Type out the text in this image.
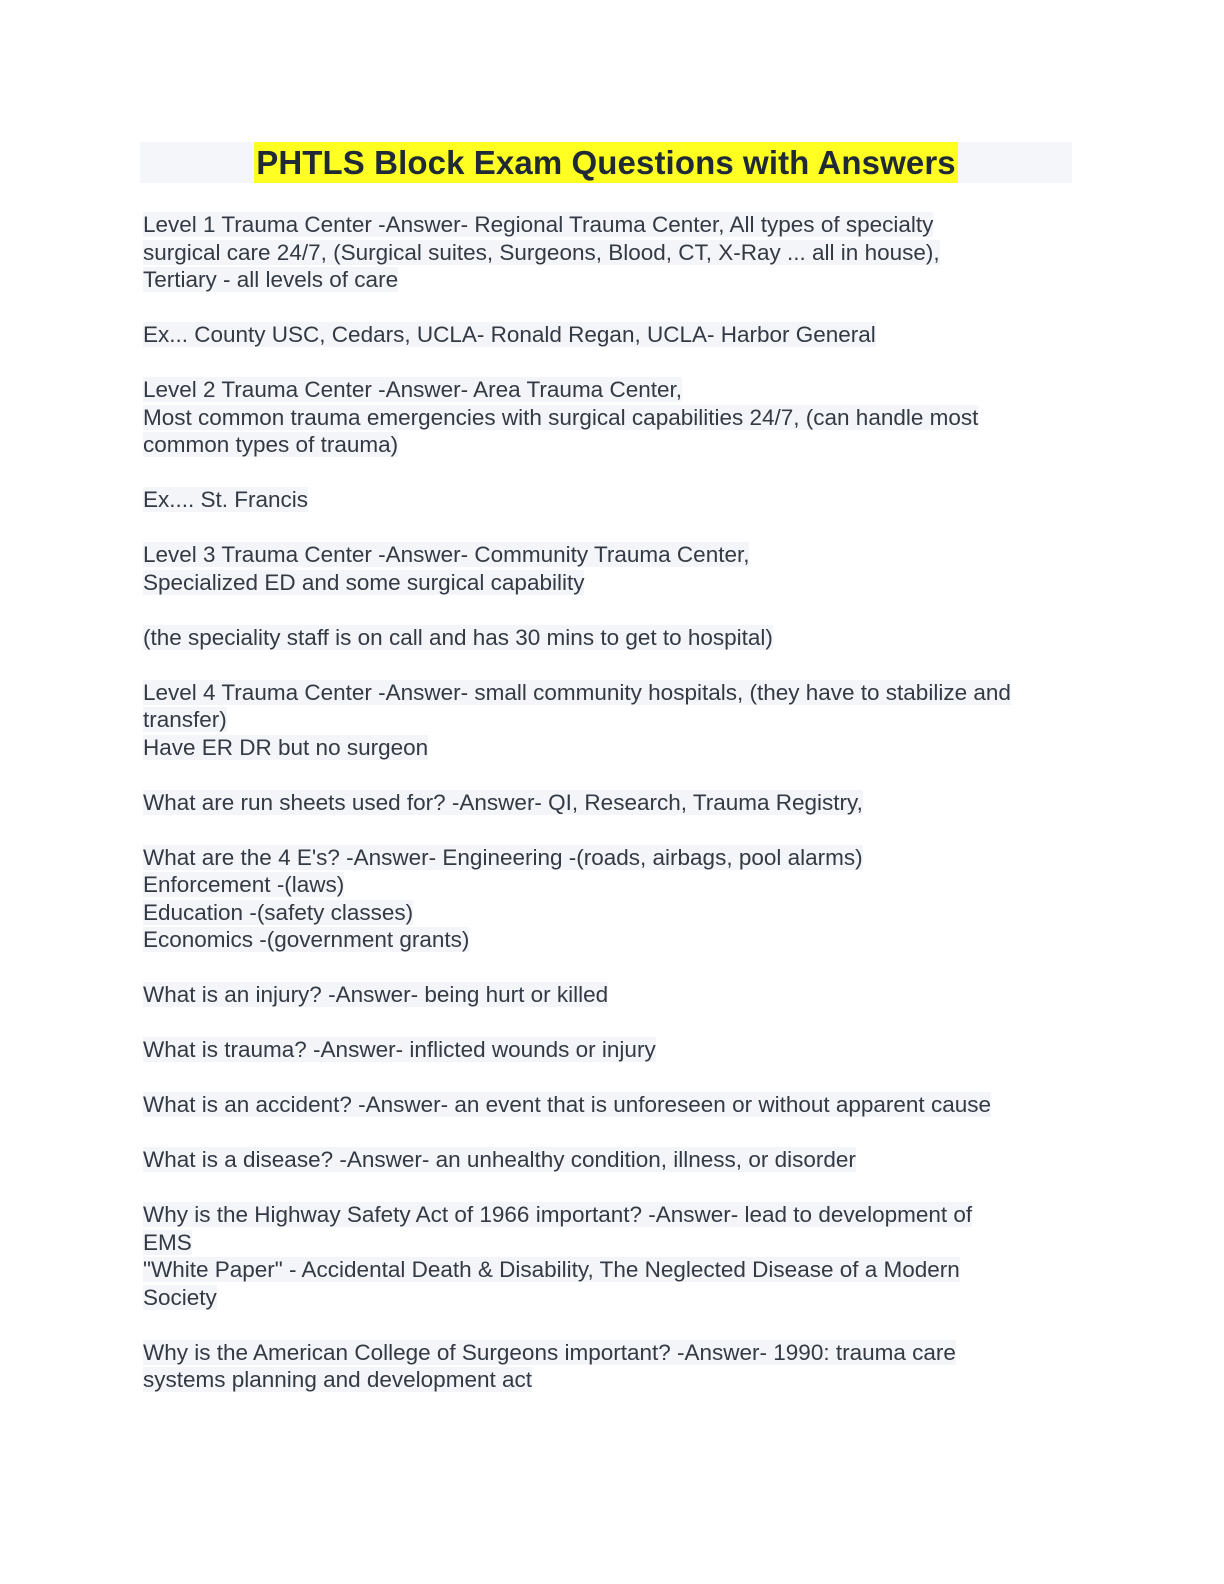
PHTLS Block Exam Questions with Answers
Level 1 Trauma Center -Answer- Regional Trauma Center, All types of specialty
surgical care 24/7, (Surgical suites, Surgeons, Blood, CT, X-Ray ... all in house),
Tertiary - all levels of care
Ex... County USC, Cedars, UCLA- Ronald Regan, UCLA- Harbor General
Level 2 Trauma Center -Answer- Area Trauma Center,
Most common trauma emergencies with surgical capabilities 24/7, (can handle most
common types of trauma)
Ex.... St. Francis
Level 3 Trauma Center -Answer- Community Trauma Center,
Specialized ED and some surgical capability
(the speciality staff is on call and has 30 mins to get to hospital)
Level 4 Trauma Center -Answer- small community hospitals, (they have to stabilize and
transfer)
Have ER DR but no surgeon
What are run sheets used for? -Answer- QI, Research, Trauma Registry,
What are the 4 E's? -Answer- Engineering -(roads, airbags, pool alarms)
Enforcement -(laws)
Education -(safety classes)
Economics -(government grants)
What is an injury? -Answer- being hurt or killed
What is trauma? -Answer- inflicted wounds or injury
What is an accident? -Answer- an event that is unforeseen or without apparent cause
What is a disease? -Answer- an unhealthy condition, illness, or disorder
Why is the Highway Safety Act of 1966 important? -Answer- lead to development of
EMS
"White Paper" - Accidental Death & Disability, The Neglected Disease of a Modern
Society
Why is the American College of Surgeons important? -Answer- 1990: trauma care
systems planning and development act
